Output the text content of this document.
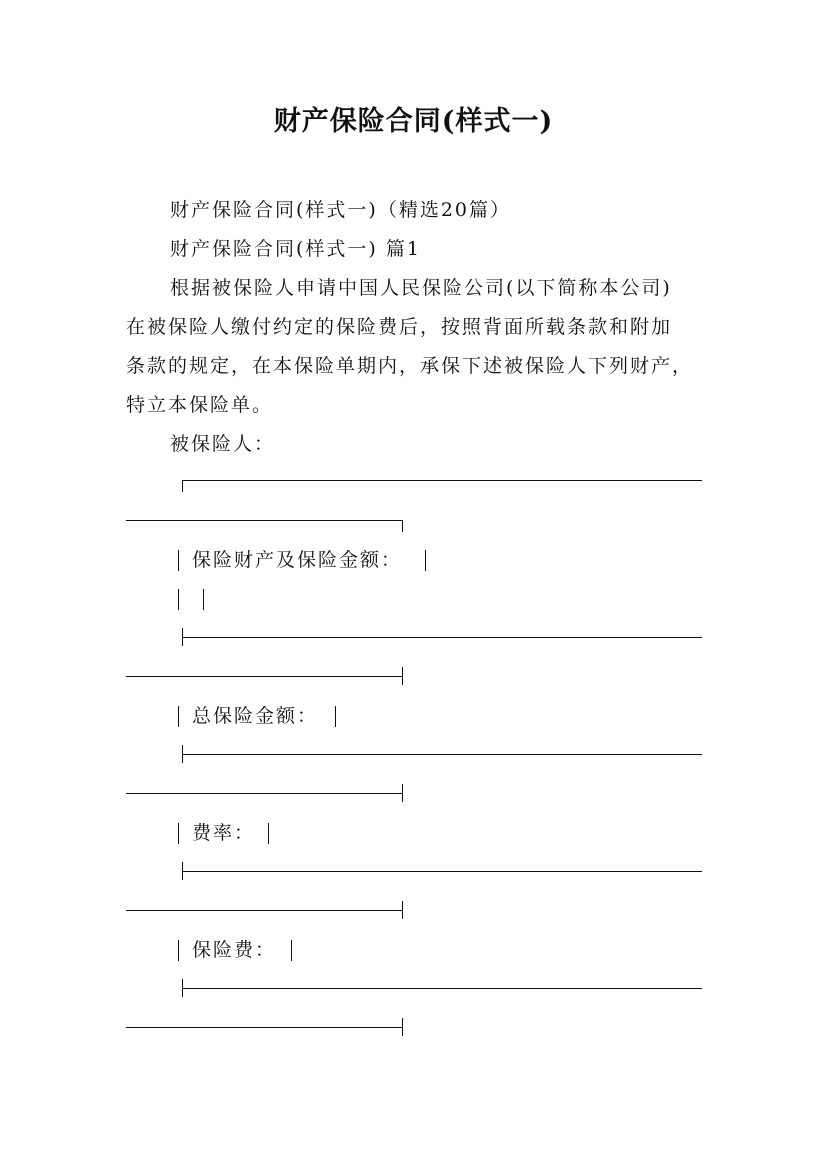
财产保险合同(样式一)
财产保险合同(样式一)（精选20篇）
财产保险合同(样式一) 篇1
根据被保险人申请中国人民保险公司(以下简称本公司)
在被保险人缴付约定的保险费后，按照背面所载条款和附加
条款的规定，在本保险单期内，承保下述被保险人下列财产，
特立本保险单。
被保险人：
保险财产及保险金额：
总保险金额：
费率：
保险费：
